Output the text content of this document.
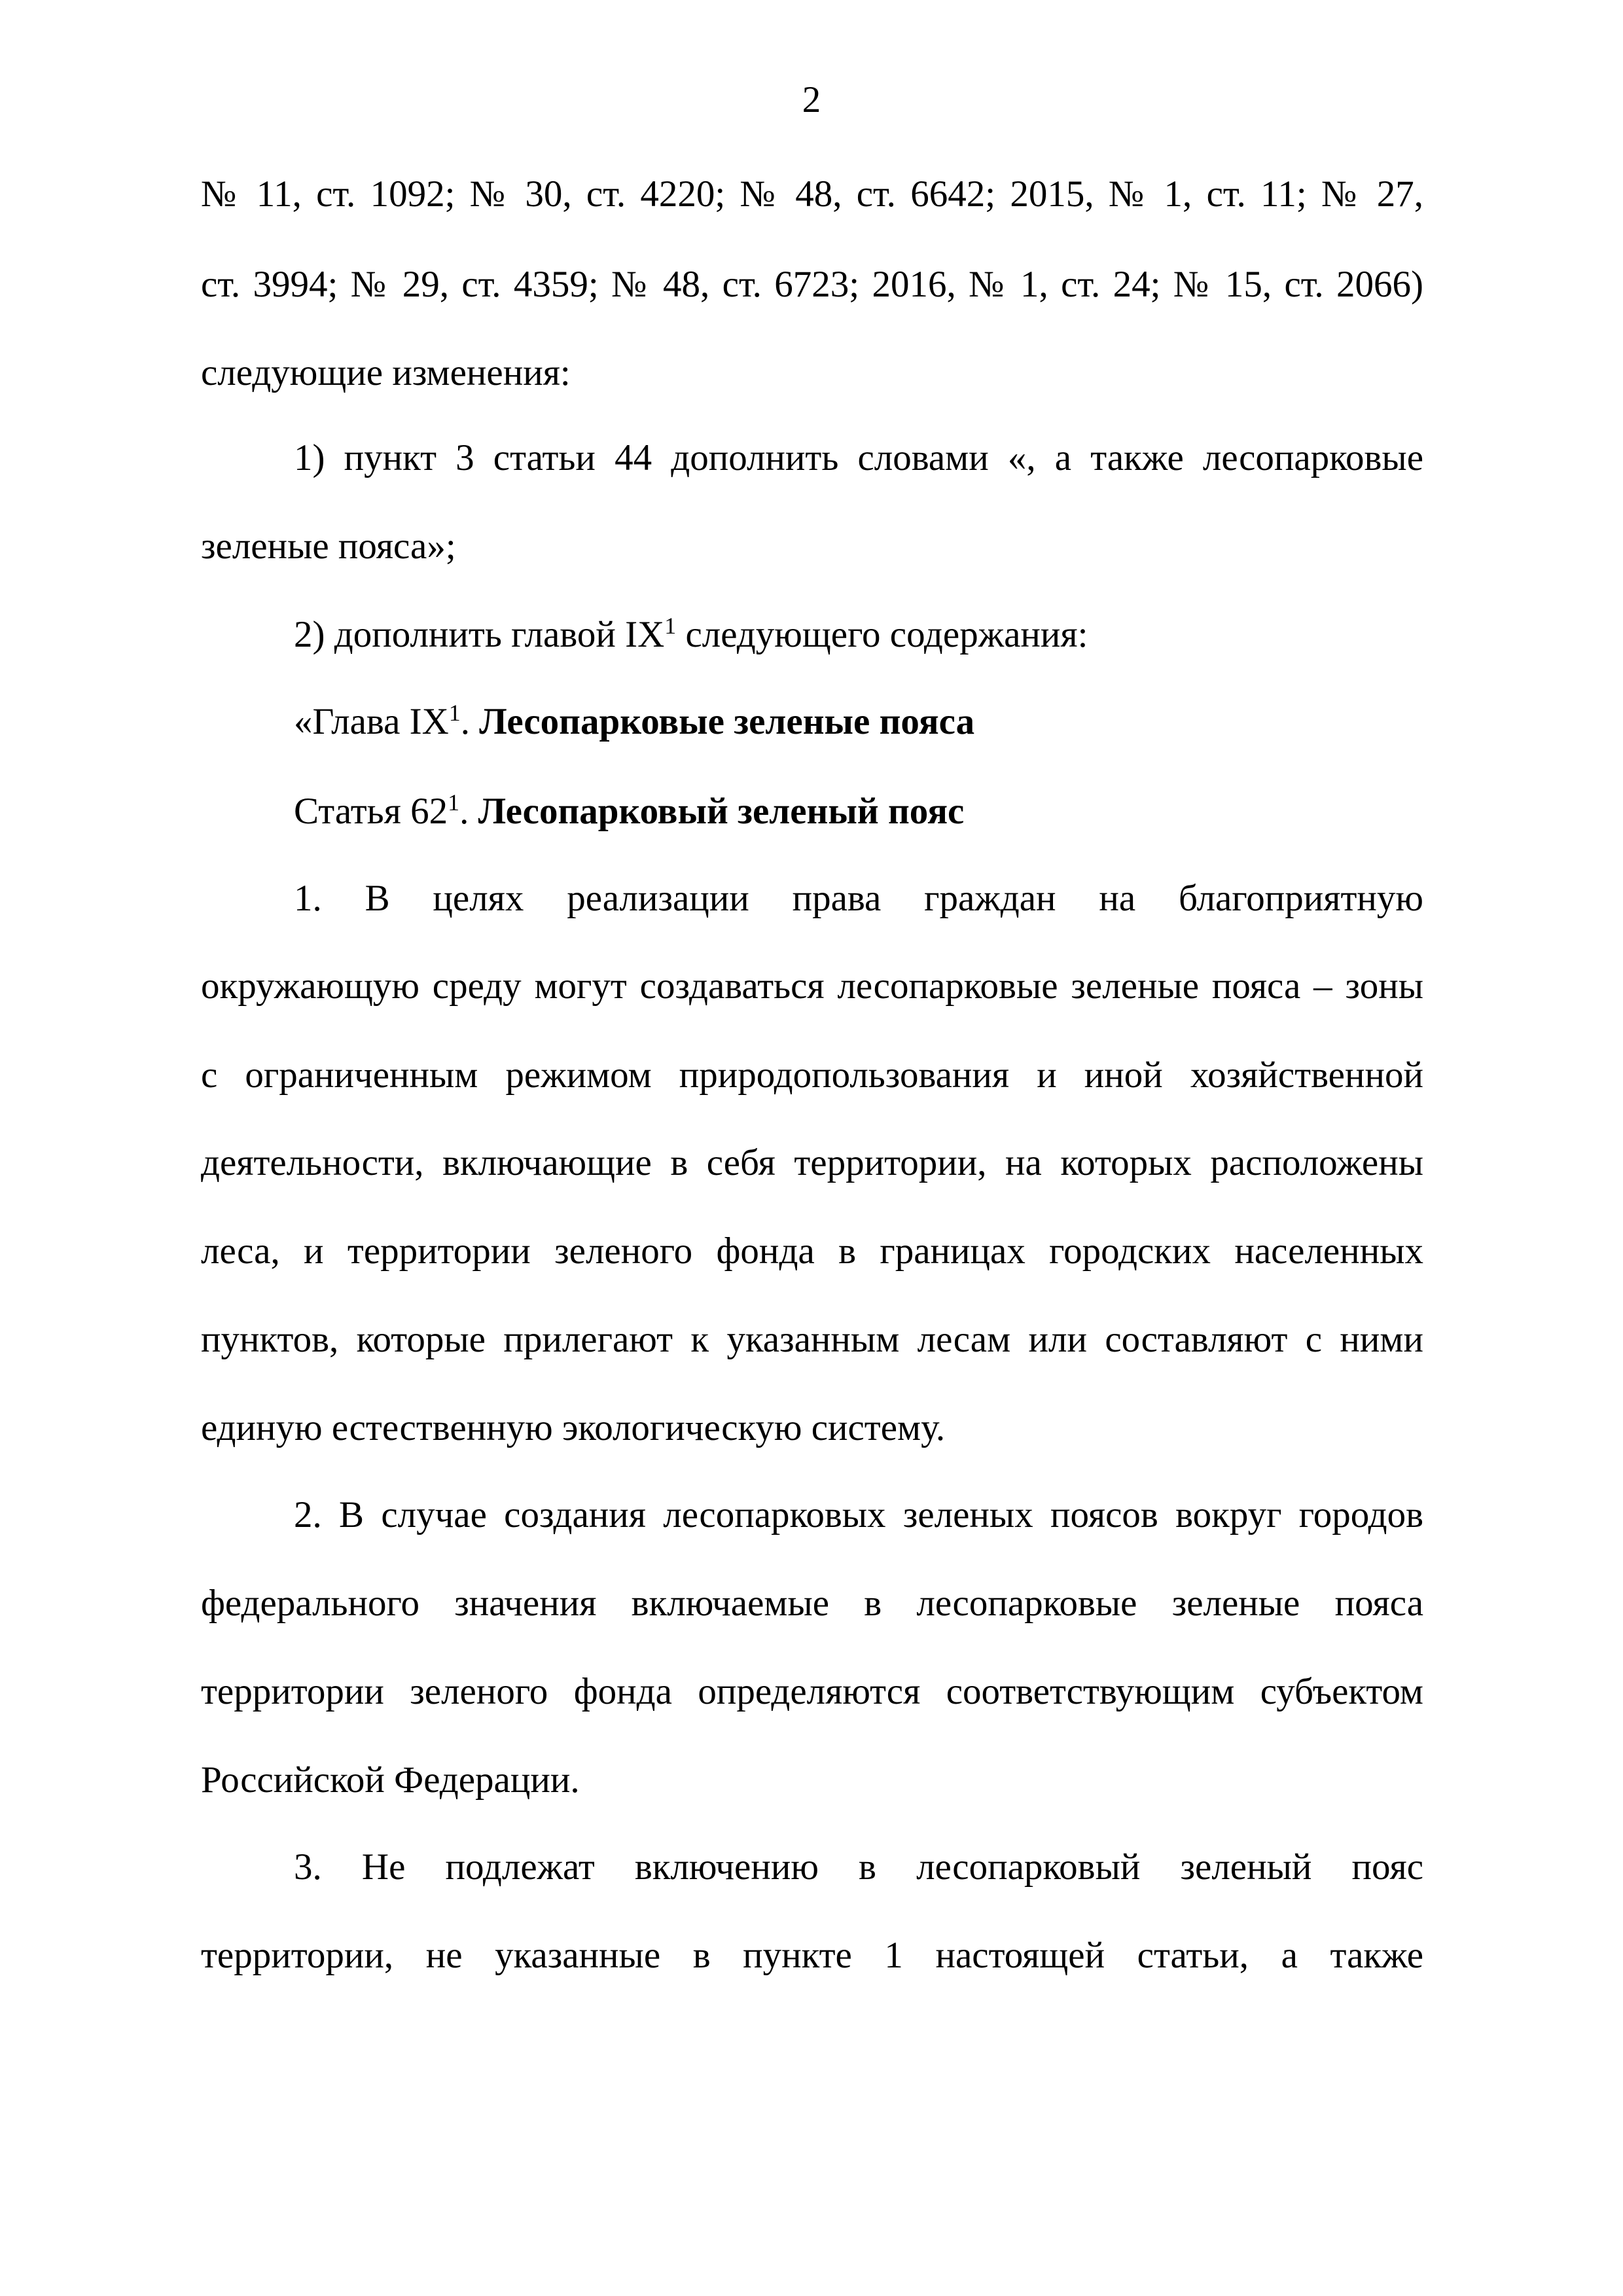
2
№ 11, ст. 1092; № 30, ст. 4220; № 48, ст. 6642; 2015, № 1, ст. 11; № 27,
ст. 3994; № 29, ст. 4359; № 48, ст. 6723; 2016, № 1, ст. 24; № 15, ст. 2066)
следующие изменения:
1) пункт 3 статьи 44 дополнить словами «, а также лесопарковые
зеленые пояса»;
2) дополнить главой $IX^1$ следующего содержания:
«Глава $IX^1$. Лесопарковые зеленые пояса
Статья $62^1$. Лесопарковый зеленый пояс
1. В целях реализации права граждан на благоприятную
окружающую среду могут создаваться лесопарковые зеленые пояса – зоны
с ограниченным режимом природопользования и иной хозяйственной
деятельности, включающие в себя территории, на которых расположены
леса, и территории зеленого фонда в границах городских населенных
пунктов, которые прилегают к указанным лесам или составляют с ними
единую естественную экологическую систему.
2. В случае создания лесопарковых зеленых поясов вокруг городов
федерального значения включаемые в лесопарковые зеленые пояса
территории зеленого фонда определяются соответствующим субъектом
Российской Федерации.
3. Не подлежат включению в лесопарковый зеленый пояс
территории, не указанные в пункте 1 настоящей статьи, а также
